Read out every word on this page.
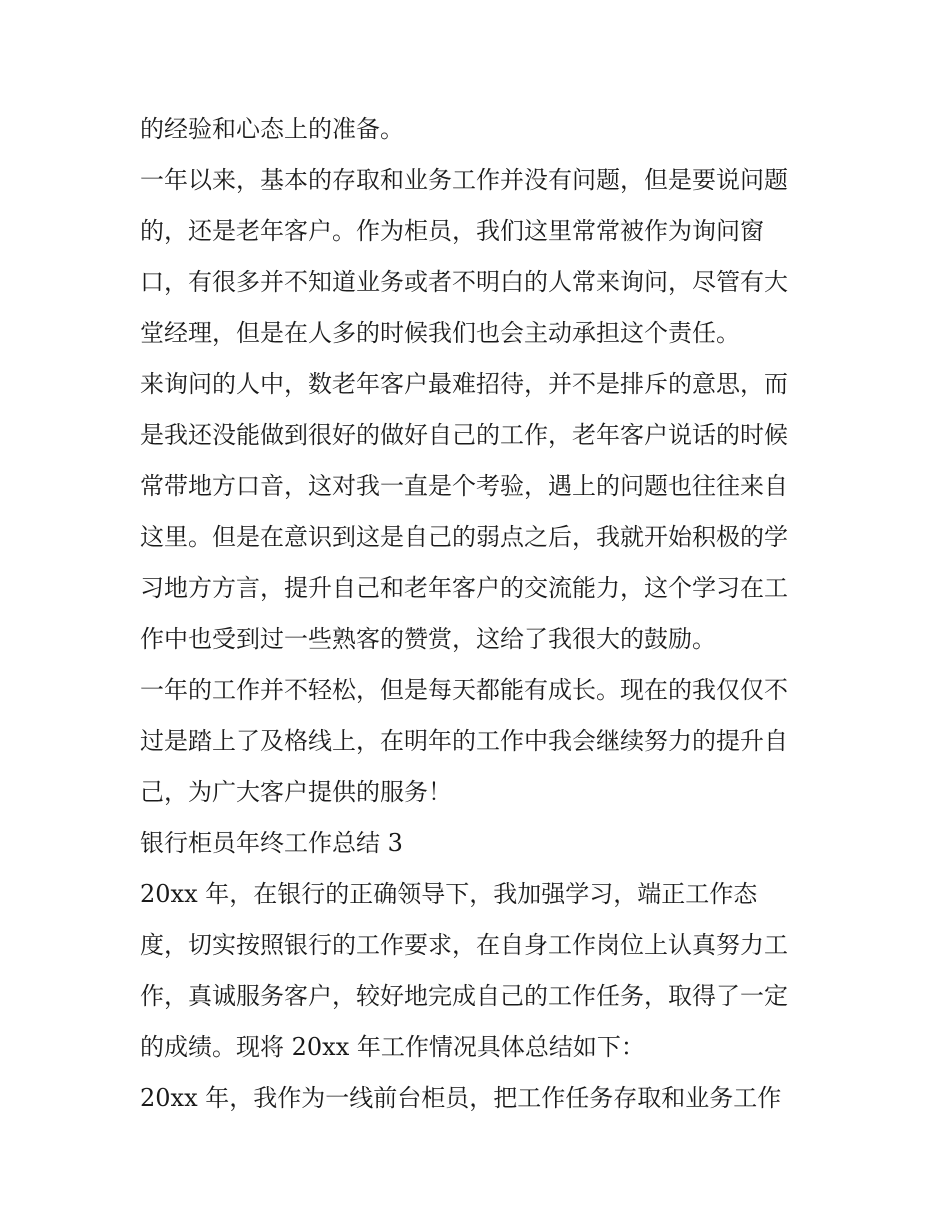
的经验和心态上的准备。
一年以来，基本的存取和业务工作并没有问题，但是要说问题
的，还是老年客户。作为柜员，我们这里常常被作为询问窗
口，有很多并不知道业务或者不明白的人常来询问，尽管有大
堂经理，但是在人多的时候我们也会主动承担这个责任。
来询问的人中，数老年客户最难招待，并不是排斥的意思，而
是我还没能做到很好的做好自己的工作，老年客户说话的时候
常带地方口音，这对我一直是个考验，遇上的问题也往往来自
这里。但是在意识到这是自己的弱点之后，我就开始积极的学
习地方方言，提升自己和老年客户的交流能力，这个学习在工
作中也受到过一些熟客的赞赏，这给了我很大的鼓励。
一年的工作并不轻松，但是每天都能有成长。现在的我仅仅不
过是踏上了及格线上，在明年的工作中我会继续努力的提升自
己，为广大客户提供的服务！
银行柜员年终工作总结 3
20xx 年，在银行的正确领导下，我加强学习，端正工作态
度，切实按照银行的工作要求，在自身工作岗位上认真努力工
作，真诚服务客户，较好地完成自己的工作任务，取得了一定
的成绩。现将 20xx 年工作情况具体总结如下：
20xx 年，我作为一线前台柜员，把工作任务存取和业务工作
